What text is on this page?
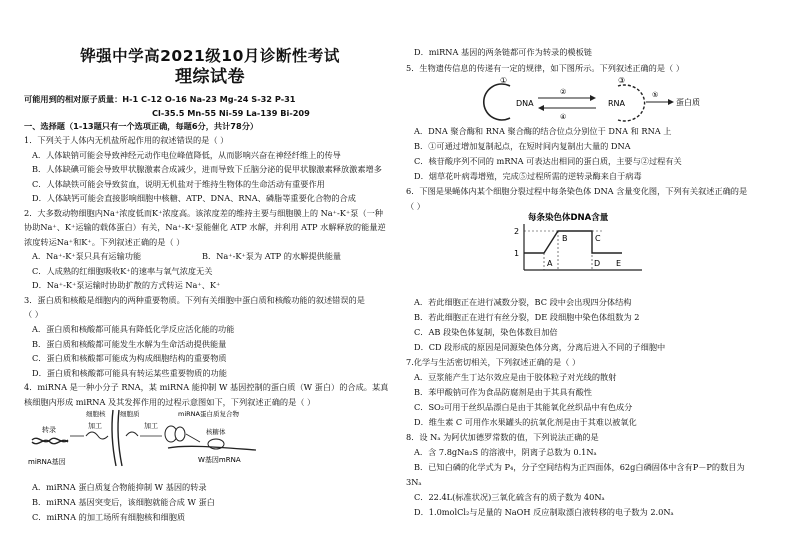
铧强中学高2021级10月诊断性考试
理综试卷
可能用到的相对原子质量：H-1 C-12 O-16 Na-23 Mg-24 S-32 P-31
Cl-35.5 Mn-55 Ni-59 La-139 Bi-209
一、选择题（1-13题只有一个选项正确，每题6分，共计78分）
1．下列关于人体内无机盐所起作用的叙述错误的是（ ）
A．人体缺钠可能会导致神经元动作电位峰值降低，从而影响兴奋在神经纤维上的传导
B．人体缺碘可能会导致甲状腺激素合成减少，进而导致下丘脑分泌的促甲状腺激素释放激素增多
C．人体缺铁可能会导致贫血，说明无机盐对于维持生物体的生命活动有重要作用
D．人体缺钙可能会直接影响细胞中核糖、ATP、DNA、RNA、磷脂等重要化合物的合成
2．大多数动物细胞内Na⁺浓度低而K⁺浓度高。该浓度差的维持主要与细胞膜上的 Na⁺-K⁺泵（一种
协助Na⁺、K⁺运输的载体蛋白）有关，Na⁺-K⁺泵能催化 ATP 水解，并利用 ATP 水解释放的能量逆
浓度转运Na⁺和K⁺。下列叙述正确的是（ ）
A．Na⁺-K⁺泵只具有运输功能	B．Na⁺-K⁺泵为 ATP 的水解提供能量
C．人成熟的红细胞吸收K⁺的速率与氧气浓度无关
D．Na⁺-K⁺泵运输时协助扩散的方式转运 Na⁺、K⁺
3．蛋白质和核酸是细胞内的两种重要物质。下列有关细胞中蛋白质和核酸功能的叙述错误的是
（ ）
A．蛋白质和核酸都可能具有降低化学反应活化能的功能
B．蛋白质和核酸都可能发生水解为生命活动提供能量
C．蛋白质和核酸都可能成为构成细胞结构的重要物质
D．蛋白质和核酸都可能具有转运某些重要物质的功能
4．miRNA 是一种小分子 RNA，某 miRNA 能抑制 W 基因控制的蛋白质（W 蛋白）的合成。某真
核细胞内形成 miRNA 及其发挥作用的过程示意图如下，下列叙述正确的是（ ）
细胞核 细胞质	miRNA蛋白质复合物
转录	加工	加工
核糖体
miRNA基因	W基因mRNA
A．miRNA 蛋白质复合物能抑制 W 基因的转录
B．miRNA 基因突变后，该细胞就能合成 W 蛋白
C．miRNA 的加工场所有细胞核和细胞质
D．miRNA 基因的两条链都可作为转录的模板链
5．生物遗传信息的传递有一定的规律，如下图所示。下列叙述正确的是（ ）
①
DNA
②
④
RNA
③
⑤
蛋白质
A．DNA 聚合酶和 RNA 聚合酶的结合位点分别位于 DNA 和 RNA 上
B．①可通过增加复制起点，在短时间内复制出大量的 DNA
C．核苷酸序列不同的 mRNA 可表达出相同的蛋白质，主要与②过程有关
D．烟草花叶病毒增殖，完成⑤过程所需的逆转录酶来自于病毒
6．下图是果蝇体内某个细胞分裂过程中每条染色体 DNA 含量变化图，下列有关叙述正确的是
（ ）
每条染色体DNA含量
2
1
A
B	C
D E
A．若此细胞正在进行减数分裂，BC 段中会出现四分体结构
B．若此细胞正在进行有丝分裂，DE 段细胞中染色体组数为 2
C．AB 段染色体复制，染色体数目加倍
D．CD 段形成的原因是同源染色体分离，分离后进入不同的子细胞中
7.化学与生活密切相关，下列叙述正确的是（ ）
A．豆浆能产生丁达尔效应是由于胶体粒子对光线的散射
B．苯甲酸钠可作为食品防腐剂是由于其具有酸性
C．SO₂可用于丝织品漂白是由于其能氧化丝织品中有色成分
D．维生素 C 可用作水果罐头的抗氧化剂是由于其难以被氧化
8．设 Nₐ 为阿伏加德罗常数的值，下列说法正确的是
A．含 7.8gNa₂S 的溶液中，阴离子总数为 0.1Nₐ
B．已知白磷的化学式为 P₄，分子空间结构为正四面体，62g白磷固体中含有P－P的数目为
3Nₐ
C．22.4L(标准状况)三氧化硫含有的质子数为 40Nₐ
D．1.0molCl₂与足量的 NaOH 反应制取漂白液转移的电子数为 2.0Nₐ
